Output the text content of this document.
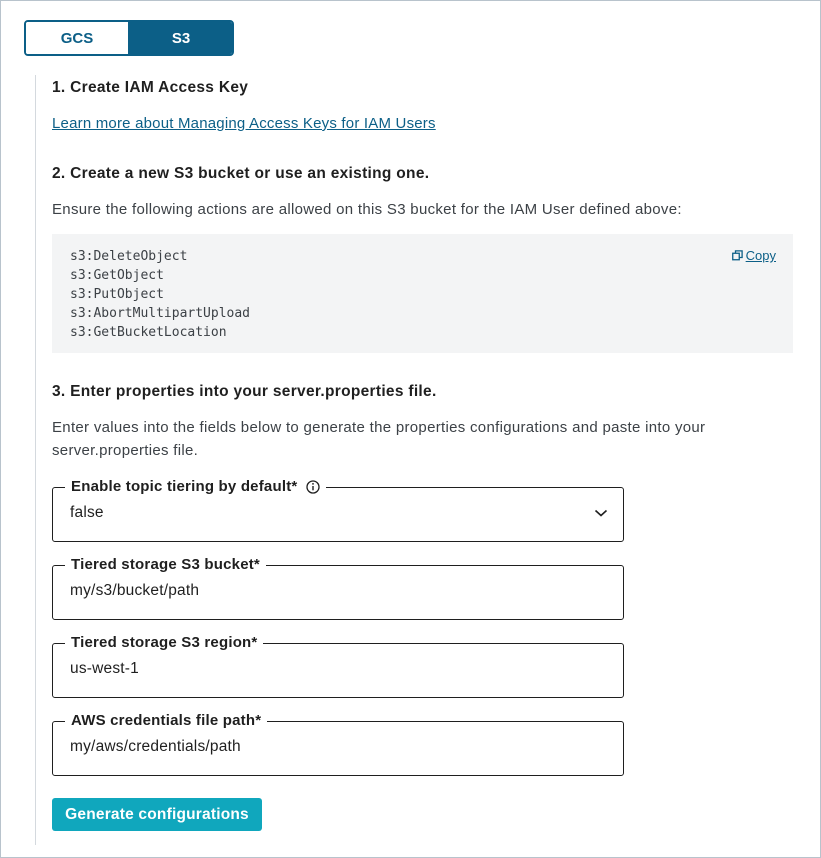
GCS	S3
1. Create IAM Access Key
Learn more about Managing Access Keys for IAM Users
2. Create a new S3 bucket or use an existing one.
Ensure the following actions are allowed on this S3 bucket for the IAM User defined above:
s3:DeleteObject
s3:GetObject
s3:PutObject
s3:AbortMultipartUpload
s3:GetBucketLocation
Copy
3. Enter properties into your server.properties file.
Enter values into the fields below to generate the properties configurations and paste into your server.properties file.
Enable topic tiering by default*
false
Tiered storage S3 bucket*
my/s3/bucket/path
Tiered storage S3 region*
us-west-1
AWS credentials file path*
my/aws/credentials/path
Generate configurations
